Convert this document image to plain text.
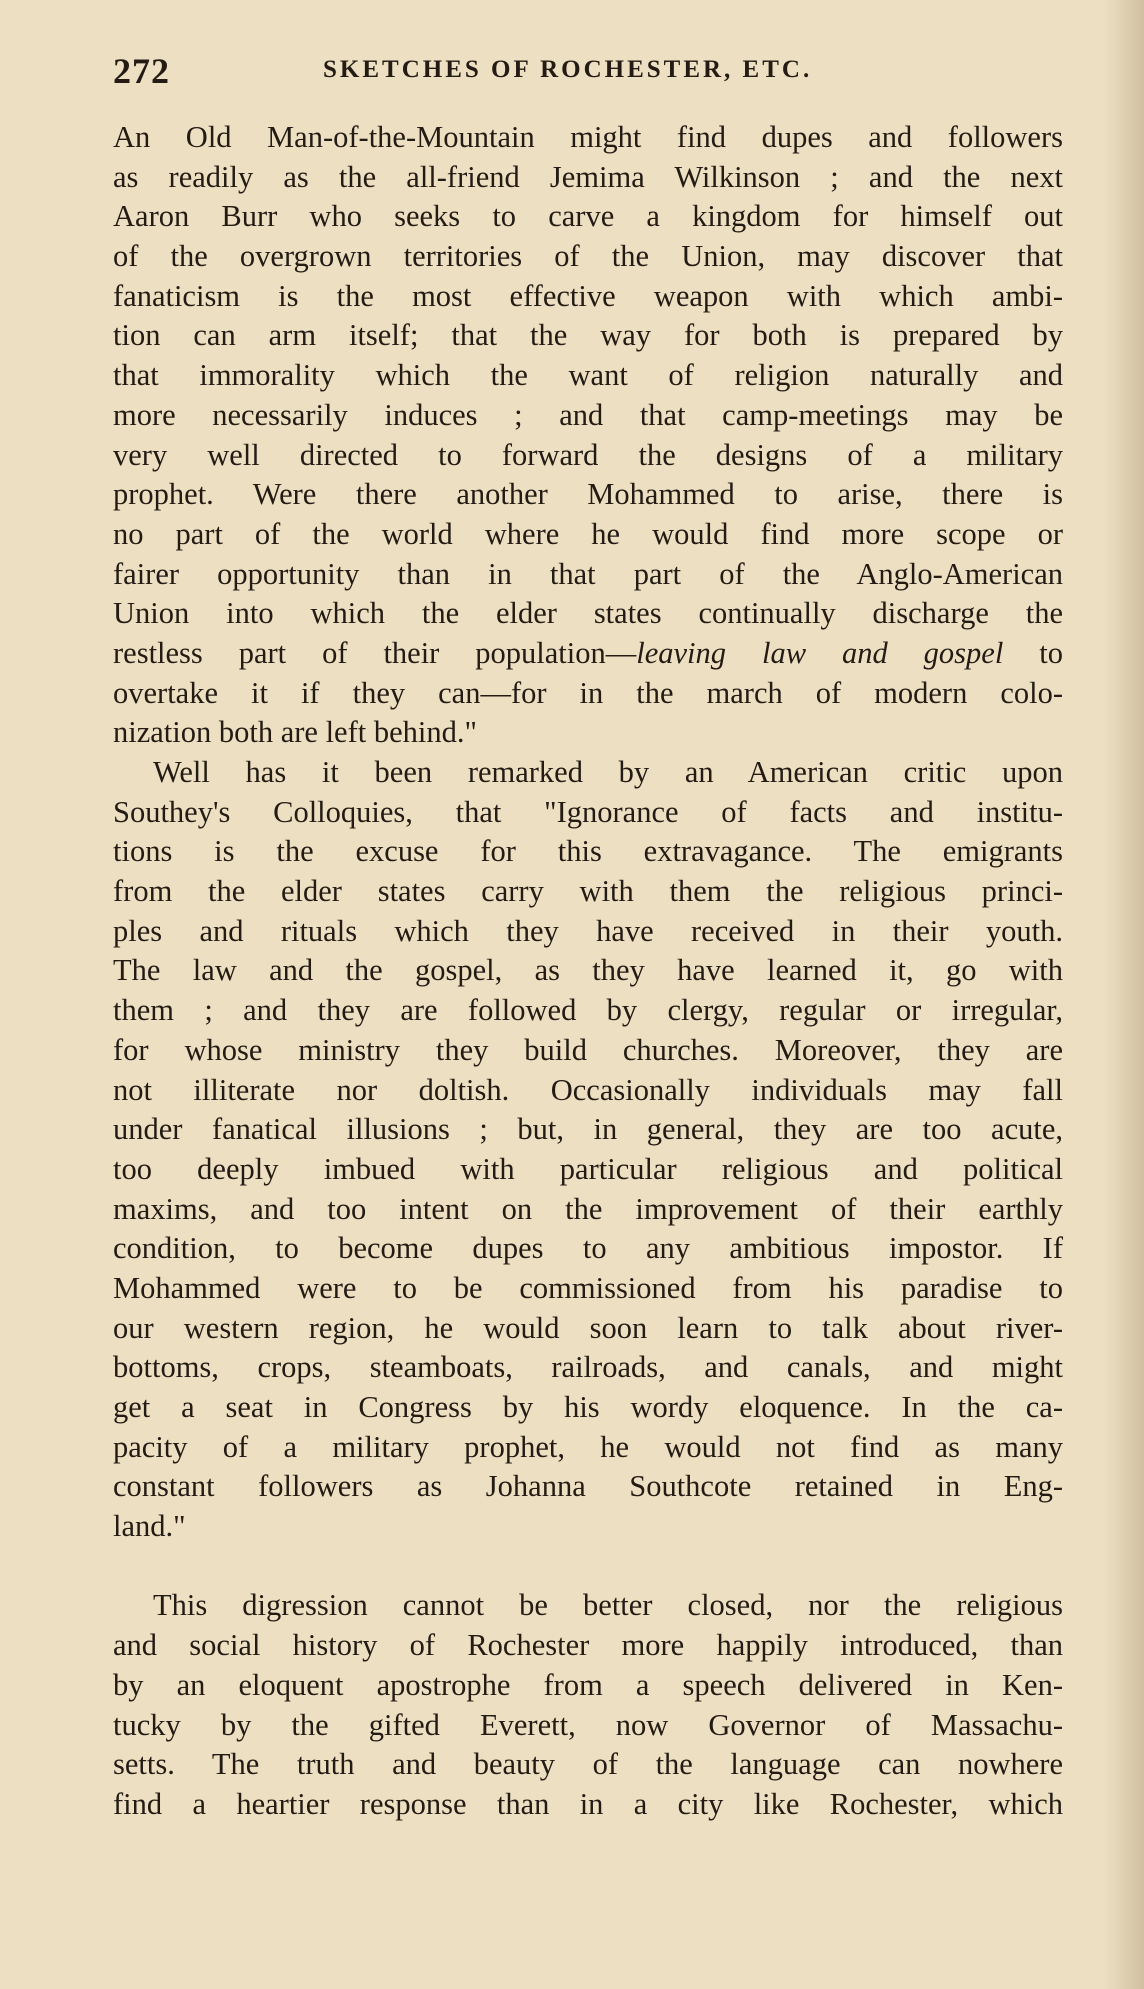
272	SKETCHES OF ROCHESTER, ETC.
An Old Man-of-the-Mountain might find dupes and followers
as readily as the all-friend Jemima Wilkinson ; and the next
Aaron Burr who seeks to carve a kingdom for himself out
of the overgrown territories of the Union, may discover that
fanaticism is the most effective weapon with which ambi-
tion can arm itself; that the way for both is prepared by
that immorality which the want of religion naturally and
more necessarily induces ; and that camp-meetings may be
very well directed to forward the designs of a military
prophet. Were there another Mohammed to arise, there is
no part of the world where he would find more scope or
fairer opportunity than in that part of the Anglo-American
Union into which the elder states continually discharge the
restless part of their population—leaving law and gospel to
overtake it if they can—for in the march of modern colo-
nization both are left behind."
Well has it been remarked by an American critic upon
Southey's Colloquies, that "Ignorance of facts and institu-
tions is the excuse for this extravagance. The emigrants
from the elder states carry with them the religious princi-
ples and rituals which they have received in their youth.
The law and the gospel, as they have learned it, go with
them ; and they are followed by clergy, regular or irregular,
for whose ministry they build churches. Moreover, they are
not illiterate nor doltish. Occasionally individuals may fall
under fanatical illusions ; but, in general, they are too acute,
too deeply imbued with particular religious and political
maxims, and too intent on the improvement of their earthly
condition, to become dupes to any ambitious impostor. If
Mohammed were to be commissioned from his paradise to
our western region, he would soon learn to talk about river-
bottoms, crops, steamboats, railroads, and canals, and might
get a seat in Congress by his wordy eloquence. In the ca-
pacity of a military prophet, he would not find as many
constant followers as Johanna Southcote retained in Eng-
land."
This digression cannot be better closed, nor the religious
and social history of Rochester more happily introduced, than
by an eloquent apostrophe from a speech delivered in Ken-
tucky by the gifted Everett, now Governor of Massachu-
setts. The truth and beauty of the language can nowhere
find a heartier response than in a city like Rochester, which
